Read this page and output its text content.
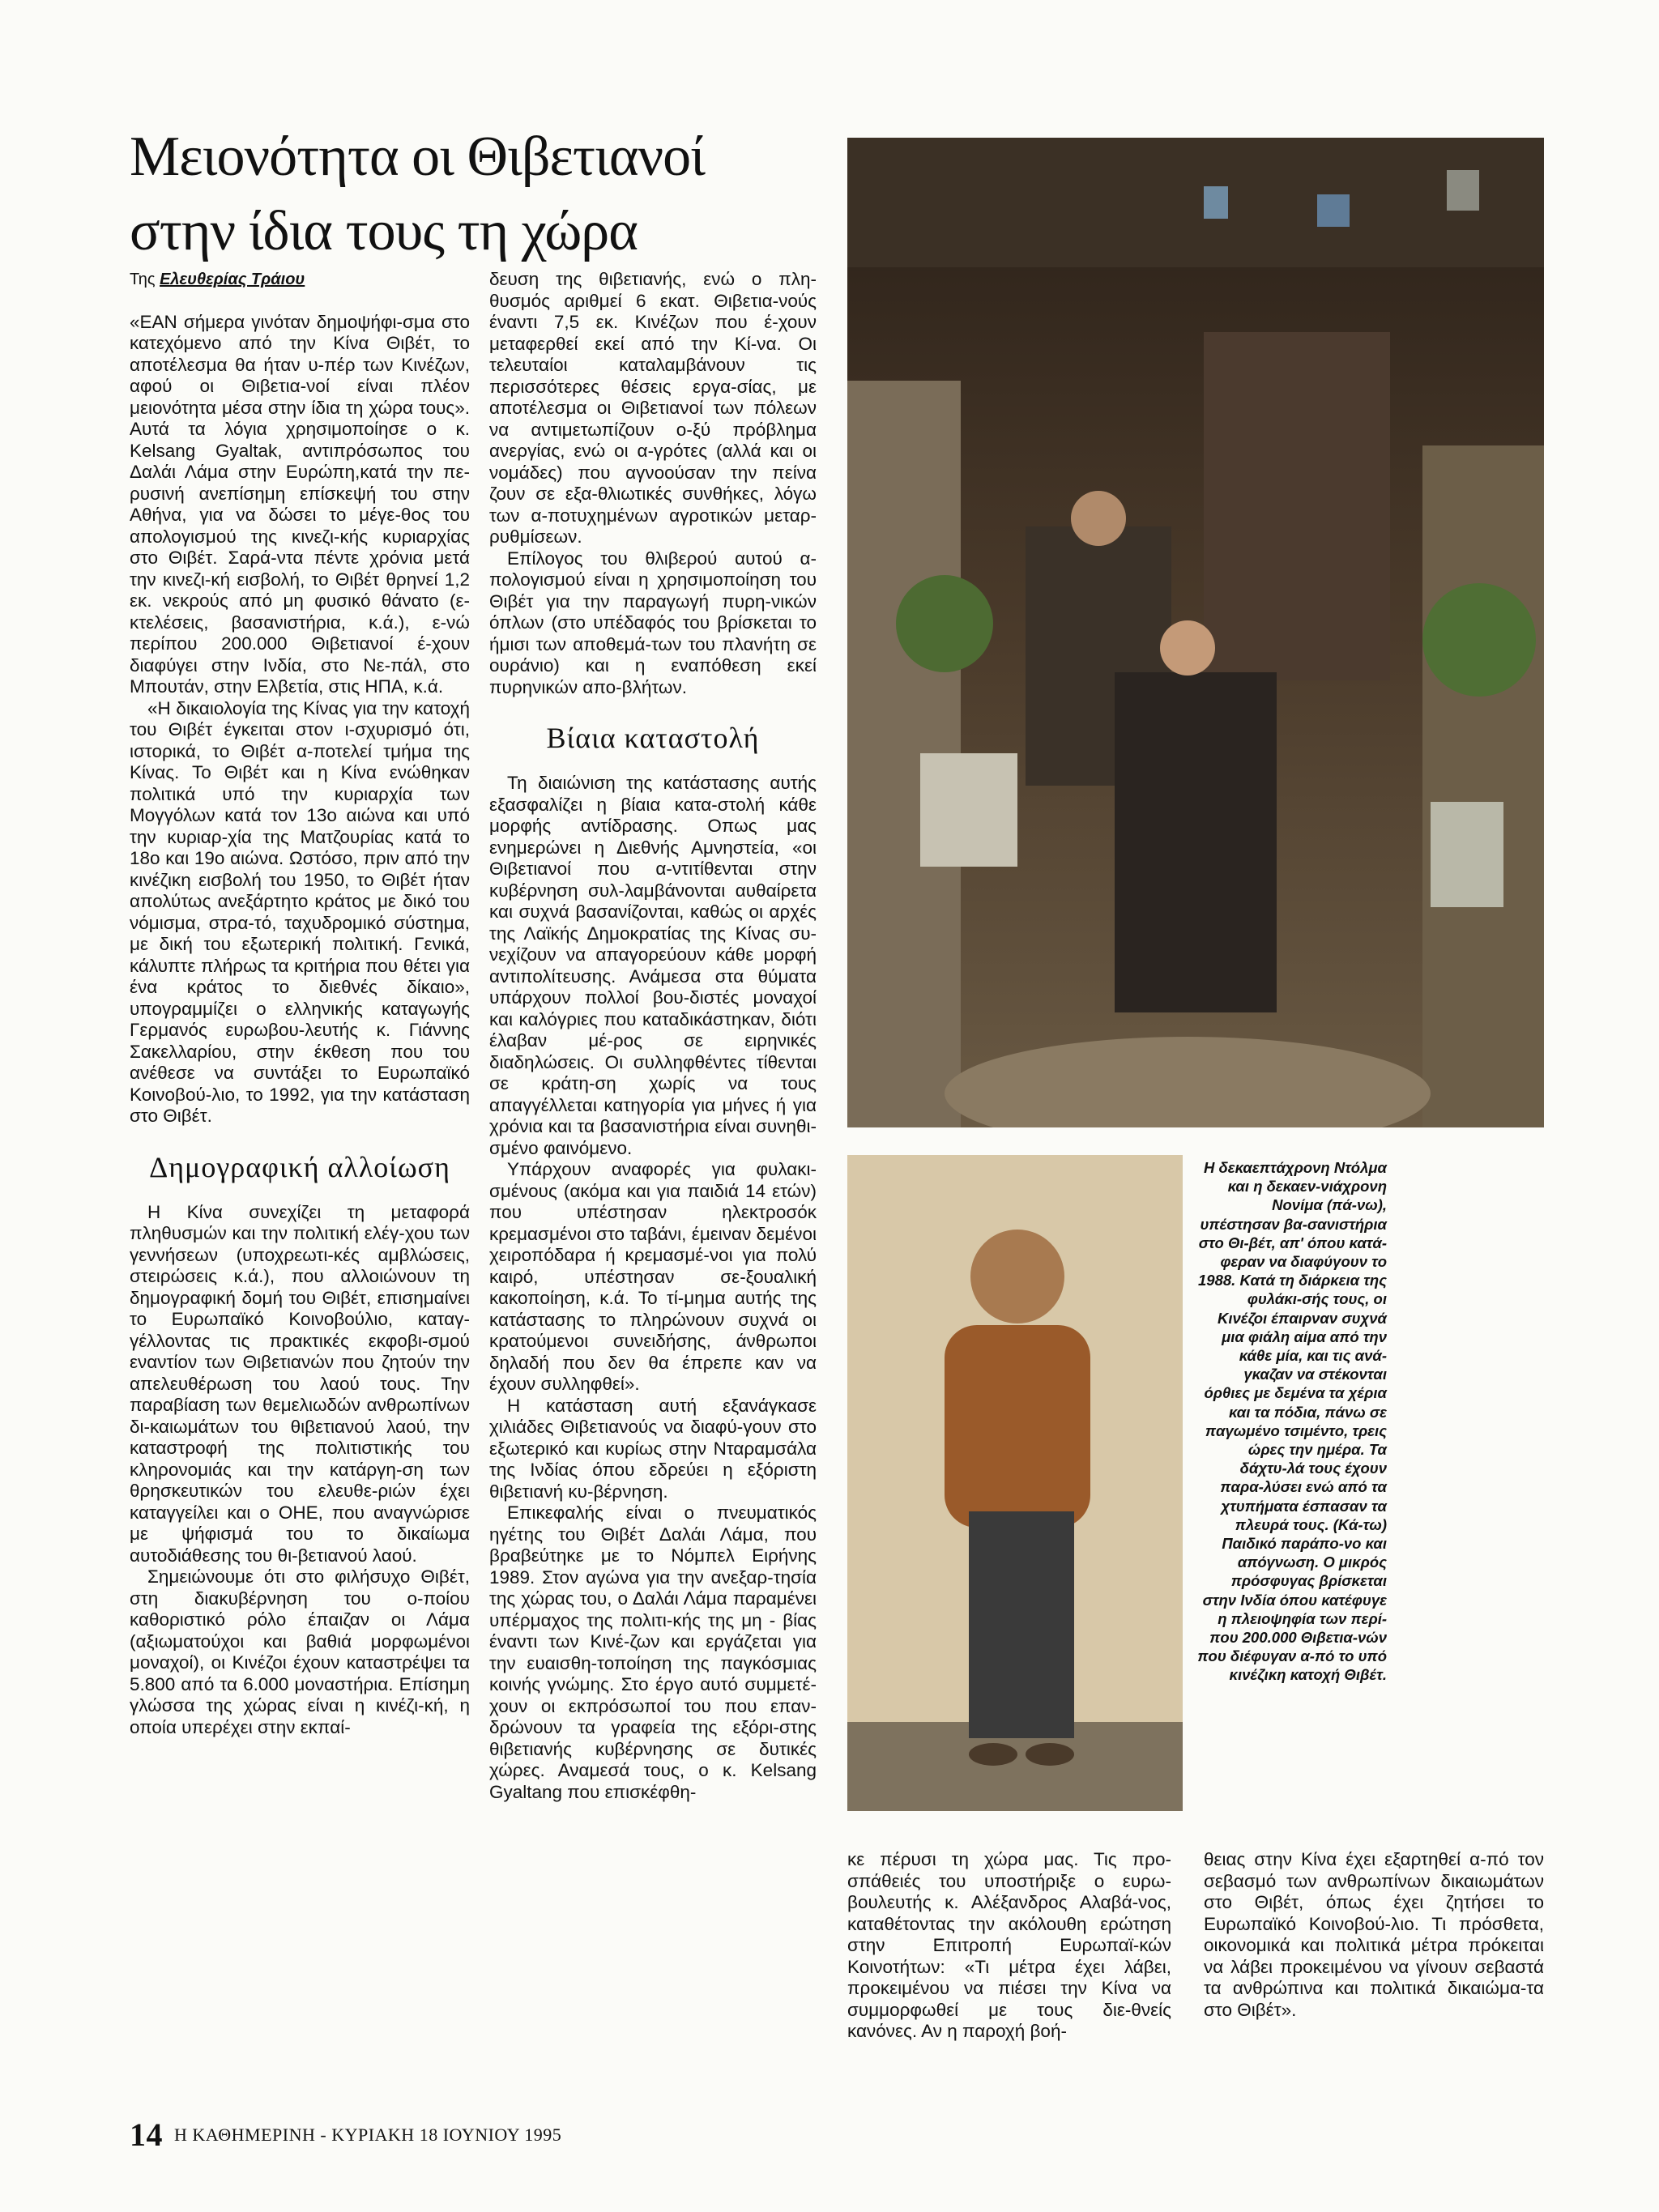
Μειονότητα οι Θιβετιανοί
στην ίδια τους τη χώρα
Της Ελευθερίας Τράιου

«ΕΑΝ σήμερα γινόταν δημοψήφι-σμα στο κατεχόμενο από την Κίνα Θιβέτ, το αποτέλεσμα θα ήταν υ-πέρ των Κινέζων, αφού οι Θιβετια-νοί είναι πλέον μειονότητα μέσα στην ίδια τη χώρα τους». Αυτά τα λόγια χρησιμοποίησε ο κ. Kelsang Gyaltak, αντιπρόσωπος του Δαλάι Λάμα στην Ευρώπη,κατά την πε-ρυσινή ανεπίσημη επίσκεψή του στην Αθήνα, για να δώσει το μέγε-θος του απολογισμού της κινεζι-κής κυριαρχίας στο Θιβέτ. Σαρά-ντα πέντε χρόνια μετά την κινεζι-κή εισβολή, το Θιβέτ θρηνεί 1,2 εκ. νεκρούς από μη φυσικό θάνατο (ε-κτελέσεις, βασανιστήρια, κ.ά.), ε-νώ περίπου 200.000 Θιβετιανοί έ-χουν διαφύγει στην Ινδία, στο Νε-πάλ, στο Μπουτάν, στην Ελβετία, στις ΗΠΑ, κ.ά.

«Η δικαιολογία της Κίνας για την κατοχή του Θιβέτ έγκειται στον ι-σχυρισμό ότι, ιστορικά, το Θιβέτ α-ποτελεί τμήμα της Κίνας. Το Θιβέτ και η Κίνα ενώθηκαν πολιτικά υπό την κυριαρχία των Μογγόλων κατά τον 13ο αιώνα και υπό την κυριαρ-χία της Ματζουρίας κατά το 18ο και 19ο αιώνα. Ωστόσο, πριν από την κινέζικη εισβολή του 1950, το Θιβέτ ήταν απολύτως ανεξάρτητο κράτος με δικό του νόμισμα, στρα-τό, ταχυδρομικό σύστημα, με δική του εξωτερική πολιτική. Γενικά, κάλυπτε πλήρως τα κριτήρια που θέτει για ένα κράτος το διεθνές δίκαιο», υπογραμμίζει ο ελληνικής καταγωγής Γερμανός ευρωβου-λευτής κ. Γιάννης Σακελλαρίου, στην έκθεση που του ανέθεσε να συντάξει το Ευρωπαϊκό Κοινοβού-λιο, το 1992, για την κατάσταση στο Θιβέτ.

Δημογραφική αλλοίωση

Η Κίνα συνεχίζει τη μεταφορά πληθυσμών και την πολιτική ελέγ-χου των γεννήσεων (υποχρεωτι-κές αμβλώσεις, στειρώσεις κ.ά.), που αλλοιώνουν τη δημογραφική δομή του Θιβέτ, επισημαίνει το Ευρωπαϊκό Κοινοβούλιο, καταγ-γέλλοντας τις πρακτικές εκφοβι-σμού εναντίον των Θιβετιανών που ζητούν την απελευθέρωση του λαού τους. Την παραβίαση των θεμελιωδών ανθρωπίνων δι-καιωμάτων του θιβετιανού λαού, την καταστροφή της πολιτιστικής του κληρονομιάς και την κατάργη-ση των θρησκευτικών του ελευθε-ριών έχει καταγγείλει και ο ΟΗΕ, που αναγνώρισε με ψήφισμά του το δικαίωμα αυτοδιάθεσης του θι-βετιανού λαού.

Σημειώνουμε ότι στο φιλήσυχο Θιβέτ, στη διακυβέρνηση του ο-ποίου καθοριστικό ρόλο έπαιζαν οι Λάμα (αξιωματούχοι και βαθιά μορφωμένοι μοναχοί), οι Κινέζοι έχουν καταστρέψει τα 5.800 από τα 6.000 μοναστήρια. Επίσημη γλώσσα της χώρας είναι η κινέζι-κή, η οποία υπερέχει στην εκπαί-

δευση της θιβετιανής, ενώ ο πλη-θυσμός αριθμεί 6 εκατ. Θιβετια-νούς έναντι 7,5 εκ. Κινέζων που έ-χουν μεταφερθεί εκεί από την Κί-να. Οι τελευταίοι καταλαμβάνουν τις περισσότερες θέσεις εργα-σίας, με αποτέλεσμα οι Θιβετιανοί των πόλεων να αντιμετωπίζουν ο-ξύ πρόβλημα ανεργίας, ενώ οι α-γρότες (αλλά και οι νομάδες) που αγνοούσαν την πείνα ζουν σε εξα-θλιωτικές συνθήκες, λόγω των α-ποτυχημένων αγροτικών μεταρ-ρυθμίσεων.

Επίλογος του θλιβερού αυτού α-πολογισμού είναι η χρησιμοποίηση του Θιβέτ για την παραγωγή πυρη-νικών όπλων (στο υπέδαφός του βρίσκεται το ήμισι των αποθεμά-των του πλανήτη σε ουράνιο) και η εναπόθεση εκεί πυρηνικών απο-βλήτων.

Βίαια καταστολή

Τη διαιώνιση της κατάστασης αυτής εξασφαλίζει η βίαια κατα-στολή κάθε μορφής αντίδρασης. Οπως μας ενημερώνει η Διεθνής Αμνηστεία, «οι Θιβετιανοί που α-ντιτίθενται στην κυβέρνηση συλ-λαμβάνονται αυθαίρετα και συχνά βασανίζονται, καθώς οι αρχές της Λαϊκής Δημοκρατίας της Κίνας συ-νεχίζουν να απαγορεύουν κάθε μορφή αντιπολίτευσης. Ανάμεσα στα θύματα υπάρχουν πολλοί βου-διστές μοναχοί και καλόγριες που καταδικάστηκαν, διότι έλαβαν μέ-ρος σε ειρηνικές διαδηλώσεις. Οι συλληφθέντες τίθενται σε κράτη-ση χωρίς να τους απαγγέλλεται κατηγορία για μήνες ή για χρόνια και τα βασανιστήρια είναι συνηθι-σμένο φαινόμενο.

Υπάρχουν αναφορές για φυλακι-σμένους (ακόμα και για παιδιά 14 ετών) που υπέστησαν ηλεκτροσόκ κρεμασμένοι στο ταβάνι, έμειναν δεμένοι χειροπόδαρα ή κρεμασμέ-νοι για πολύ καιρό, υπέστησαν σε-ξουαλική κακοποίηση, κ.ά. Το τί-μημα αυτής της κατάστασης το πληρώνουν συχνά οι κρατούμενοι συνειδήσης, άνθρωποι δηλαδή που δεν θα έπρεπε καν να έχουν συλληφθεί».

Η κατάσταση αυτή εξανάγκασε χιλιάδες Θιβετιανούς να διαφύ-γουν στο εξωτερικό και κυρίως στην Νταραμσάλα της Ινδίας όπου εδρεύει η εξόριστη θιβετιανή κυ-βέρνηση.

Επικεφαλής είναι ο πνευματικός ηγέτης του Θιβέτ Δαλάι Λάμα, που βραβεύτηκε με το Νόμπελ Ειρήνης 1989. Στον αγώνα για την ανεξαρ-τησία της χώρας του, ο Δαλάι Λάμα παραμένει υπέρμαχος της πολιτι-κής της μη - βίας έναντι των Κινέ-ζων και εργάζεται για την ευαισθη-τοποίηση της παγκόσμιας κοινής γνώμης. Στο έργο αυτό συμμετέ-χουν οι εκπρόσωποί του που επαν-δρώνουν τα γραφεία της εξόρι-στης θιβετιανής κυβέρνησης σε δυτικές χώρες. Αναμεσά τους, ο κ. Kelsang Gyaltang που επισκέφθη-

Η δεκαεπτάχρονη Ντόλμα και η δεκαεν-νιάχρονη Νονίμα (πά-νω), υπέστησαν βα-σανιστήρια στο Θι-βέτ, απ' όπου κατά-φεραν να διαφύγουν το 1988. Κατά τη διάρκεια της φυλάκι-σής τους, οι Κινέζοι έπαιρναν συχνά μια φιάλη αίμα από την κάθε μία, και τις ανά-γκαζαν να στέκονται όρθιες με δεμένα τα χέρια και τα πόδια, πάνω σε παγωμένο τσιμέντο, τρεις ώρες την ημέρα. Τα δάχτυ-λά τους έχουν παρα-λύσει ενώ από τα χτυπήματα έσπασαν τα πλευρά τους. (Κά-τω) Παιδικό παράπο-νο και απόγνωση. Ο μικρός πρόσφυγας βρίσκεται στην Ινδία όπου κατέφυγε η πλειοψηφία των περί-που 200.000 Θιβετια-νών που διέφυγαν α-πό το υπό κινέζικη κατοχή Θιβέτ.

κε πέρυσι τη χώρα μας. Τις προ-σπάθειές του υποστήριξε ο ευρω-βουλευτής κ. Αλέξανδρος Αλαβά-νος, καταθέτοντας την ακόλουθη ερώτηση στην Επιτροπή Ευρωπαϊ-κών Κοινοτήτων: «Τι μέτρα έχει λάβει, προκειμένου να πιέσει την Κίνα να συμμορφωθεί με τους διε-θνείς κανόνες. Αν η παροχή βοή-

θειας στην Κίνα έχει εξαρτηθεί α-πό τον σεβασμό των ανθρωπίνων δικαιωμάτων στο Θιβέτ, όπως έχει ζητήσει το Ευρωπαϊκό Κοινοβού-λιο. Τι πρόσθετα, οικονομικά και πολιτικά μέτρα πρόκειται να λάβει προκειμένου να γίνουν σεβαστά τα ανθρώπινα και πολιτικά δικαιώμα-τα στο Θιβέτ».

14 Η ΚΑΘΗΜΕΡΙΝΗ - ΚΥΡΙΑΚΗ 18 ΙΟΥΝΙΟΥ 1995
